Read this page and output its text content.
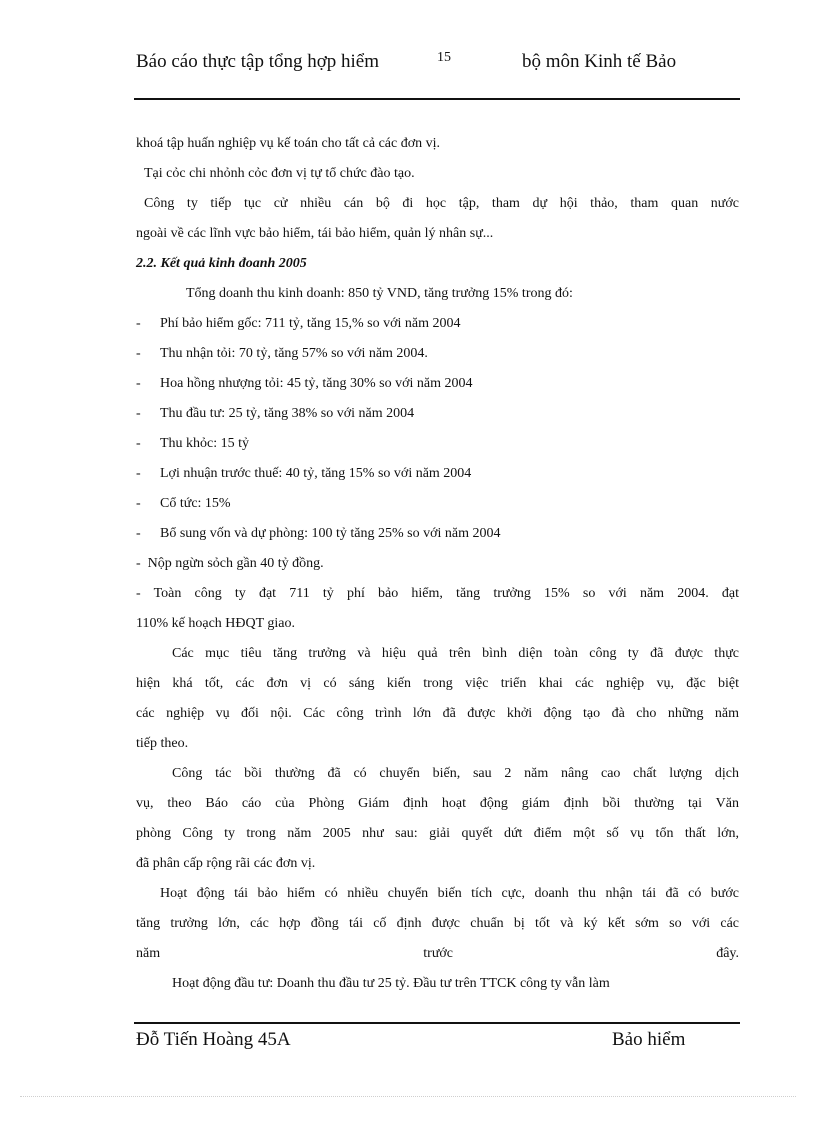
Báo cáo thực tập tổng hợp hiểm	15	bộ môn Kinh tế Bảo
khoá tập huấn nghiệp vụ kế toán cho tất cả các đơn vị.
Tại cỏc chi nhỏnh cỏc đơn vị tự tổ chức đào tạo.
Công ty tiếp tục cử nhiều cán bộ đi học tập, tham dự hội thảo, tham quan nước
ngoài về các lĩnh vực bảo hiểm, tái bảo hiểm, quản lý nhân sự...
2.2. Kết quả kinh đoanh 2005
Tổng doanh thu kinh doanh: 850 tỷ VND, tăng trưởng 15% trong đó:
-	Phí bảo hiểm gốc: 711 tỷ, tăng 15,% so với năm 2004
-	Thu nhận tỏi: 70 tỷ, tăng 57% so với năm 2004.
-	Hoa hồng nhượng tỏi: 45 tỷ, tăng 30% so với năm 2004
-	Thu đầu tư: 25 tỷ, tăng 38% so với năm 2004
-	Thu khỏc: 15 tỷ
-	Lợi nhuận trước thuế: 40 tỷ, tăng 15% so với năm 2004
-	Cổ tức: 15%
-	Bổ sung vốn và dự phòng: 100 tỷ tăng 25% so với năm 2004
-  Nộp ngừn sỏch gần 40 tỷ đồng.
- Toàn công ty đạt 711 tỷ phí bảo hiểm, tăng trưởng 15% so với năm 2004. đạt
110% kế hoạch HĐQT giao.
Các mục tiêu tăng trưởng và hiệu quả trên bình diện toàn công ty đã được thực
hiện khá tốt, các đơn vị có sáng kiến trong việc triển khai các nghiệp vụ, đặc biệt
các nghiệp vụ đối nội. Các công trình lớn đã được khởi động tạo đà cho những năm
tiếp theo.
Công tác bồi thường đã có chuyển biến, sau 2 năm nâng cao chất lượng dịch
vụ, theo Báo cáo của Phòng Giám định hoạt động giám định bồi thường tại Văn
phòng Công ty trong năm 2005 như sau: giải quyết dứt điểm một số vụ tổn thất lớn,
đã phân cấp rộng rãi các đơn vị.
Hoạt động tái bảo hiểm có nhiều chuyển biến tích cực, doanh thu nhận tái đã có bước
tăng trưởng lớn, các hợp đồng tái cố định được chuẩn bị tốt và ký kết sớm so với các
năm trước đây.
Hoạt động đầu tư: Doanh thu đầu tư 25 tỷ. Đầu tư trên TTCK công ty vẫn làm
Đỗ Tiến Hoàng 45A	Bảo hiểm
